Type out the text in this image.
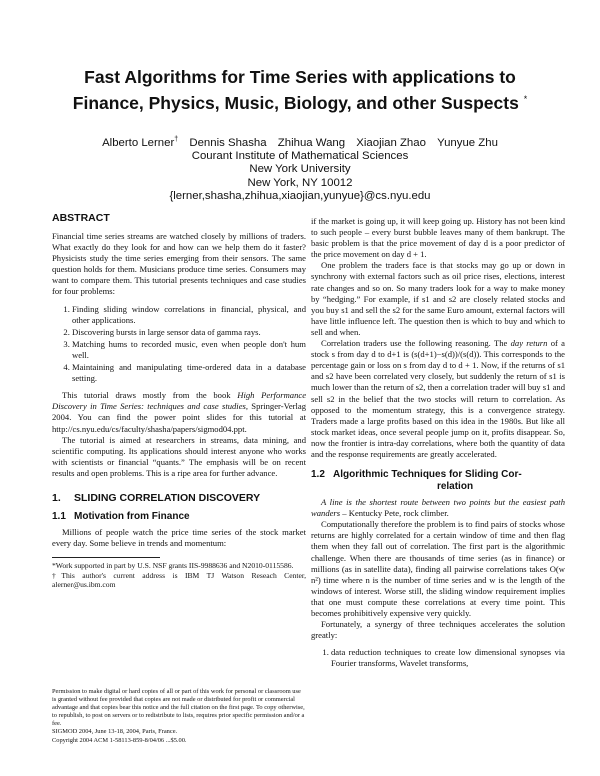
Fast Algorithms for Time Series with applications to
Finance, Physics, Music, Biology, and other Suspects *
Alberto Lerner† Dennis Shasha Zhihua Wang Xiaojian Zhao Yunyue Zhu
Courant Institute of Mathematical Sciences
New York University
New York, NY 10012
{lerner,shasha,zhihua,xiaojian,yunyue}@cs.nyu.edu
ABSTRACT

Financial time series streams are watched closely by millions of traders. What exactly do they look for and how can we help them do it faster? Physicists study the time series emerging from their sensors. The same question holds for them. Musicians produce time series. Consumers may want to compare them. This tutorial presents techniques and case studies for four problems:

1. Finding sliding window correlations in financial, physical, and other applications.
2. Discovering bursts in large sensor data of gamma rays.
3. Matching hums to recorded music, even when people don't hum well.
4. Maintaining and manipulating time-ordered data in a database setting.

This tutorial draws mostly from the book High Performance Discovery in Time Series: techniques and case studies, Springer-Verlag 2004. You can find the power point slides for this tutorial at http://cs.nyu.edu/cs/faculty/shasha/papers/sigmod04.ppt.

The tutorial is aimed at researchers in streams, data mining, and scientific computing. Its applications should interest anyone who works with scientists or financial “quants.” The emphasis will be on recent results and open problems. This is a ripe area for further advance.

1. SLIDING CORRELATION DISCOVERY
1.1 Motivation from Finance

Millions of people watch the price time series of the stock market every day. Some believe in trends and momentum:

*Work supported in part by U.S. NSF grants IIS-9988636 and N2010-0115586.

†This author's current address is IBM TJ Watson Reseach Center, alerner@us.ibm.com

Permission to make digital or hard copies of all or part of this work for personal or classroom use is granted without fee provided that copies are not made or distributed for profit or commercial advantage and that copies bear this notice and the full citation on the first page. To copy otherwise, to republish, to post on servers or to redistribute to lists, requires prior specific permission and/or a fee.

SIGMOD 2004, June 13-18, 2004, Paris, France.

Copyright 2004 ACM 1-58113-859-8/04/06 ...$5.00.

if the market is going up, it will keep going up. History has not been kind to such people – every burst bubble leaves many of them bankrupt. The basic problem is that the price movement of day d is a poor predictor of the price movement on day d + 1.

One problem the traders face is that stocks may go up or down in synchrony with external factors such as oil price rises, elections, interest rate changes and so on. So many traders look for a way to make money by “hedging.” For example, if s1 and s2 are closely related stocks and you buy s1 and sell the s2 for the same Euro amount, external factors will have little influence left. The question then is which to buy and which to sell and when.

Correlation traders use the following reasoning. The day return of a stock s from day d to d+1 is (s(d+1)−s(d))/(s(d)). This corresponds to the percentage gain or loss on s from day d to d + 1. Now, if the returns of s1 and s2 have been correlated very closely, but suddenly the return of s1 is much lower than the return of s2, then a correlation trader will buy s1 and sell s2 in the belief that the two stocks will return to correlation. As opposed to the momentum strategy, this is a convergence strategy. Traders made a large profits based on this idea in the 1980s. But like all stock market ideas, once several people jump on it, profits disappear. So, now the frontier is intra-day correlations, where both the quantity of data and the response requirements are greatly accelerated.

1.2 Algorithmic Techniques for Sliding Cor-
relation

A line is the shortest route between two points but the easiest path wanders – Kentucky Pete, rock climber.

Computationally therefore the problem is to find pairs of stocks whose returns are highly correlated for a certain window of time and then flag them when they fall out of correlation. The first part is the algorithmic challenge. When there are thousands of time series (as in finance) or millions (as in satellite data), finding all pairwise correlations takes O(w n²) time where n is the number of time series and w is the length of the windows of interest. Worse still, the sliding window requirement implies that one must compute these correlations at every time point. This becomes prohibitively expensive very quickly.

Fortunately, a synergy of three techniques accelerates the solution greatly:

1. data reduction techniques to create low dimensional synopses via Fourier transforms, Wavelet transforms,
